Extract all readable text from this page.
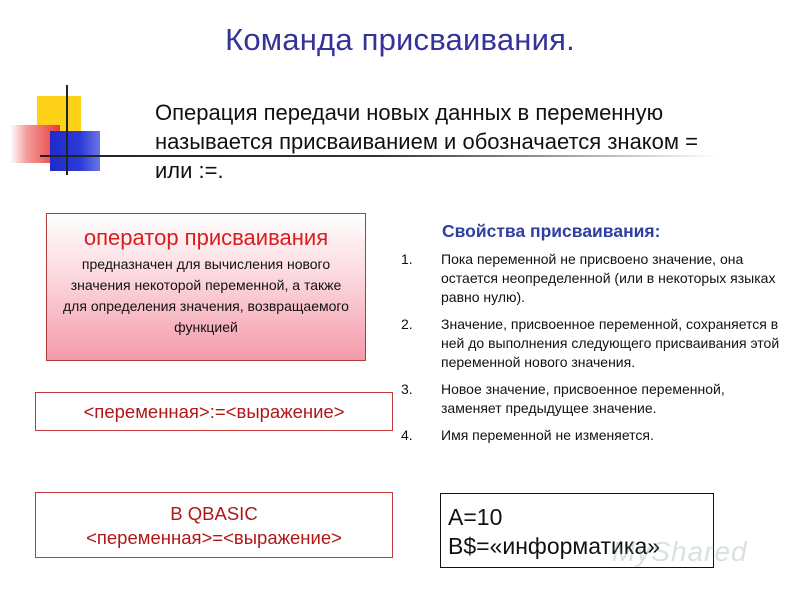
Команда присваивания.
Операция передачи новых данных в переменную называется присваиванием и обозначается знаком = или :=.
оператор присваивания
предназначен для вычисления нового значения некоторой переменной, а также для определения значения, возвращаемого функцией
<переменная>:=<выражение>
В QBASIC
<переменная>=<выражение>
Свойства присваивания:
1. Пока переменной не присвоено значение, она остается неопределенной (или в некоторых языках равно нулю).
2. Значение, присвоенное переменной, сохраняется в ней до выполнения следующего присваивания этой переменной нового значения.
3. Новое значение, присвоенное переменной, заменяет предыдущее значение.
4. Имя переменной не изменяется.
A=10
B$=«информатика»
MyShared
